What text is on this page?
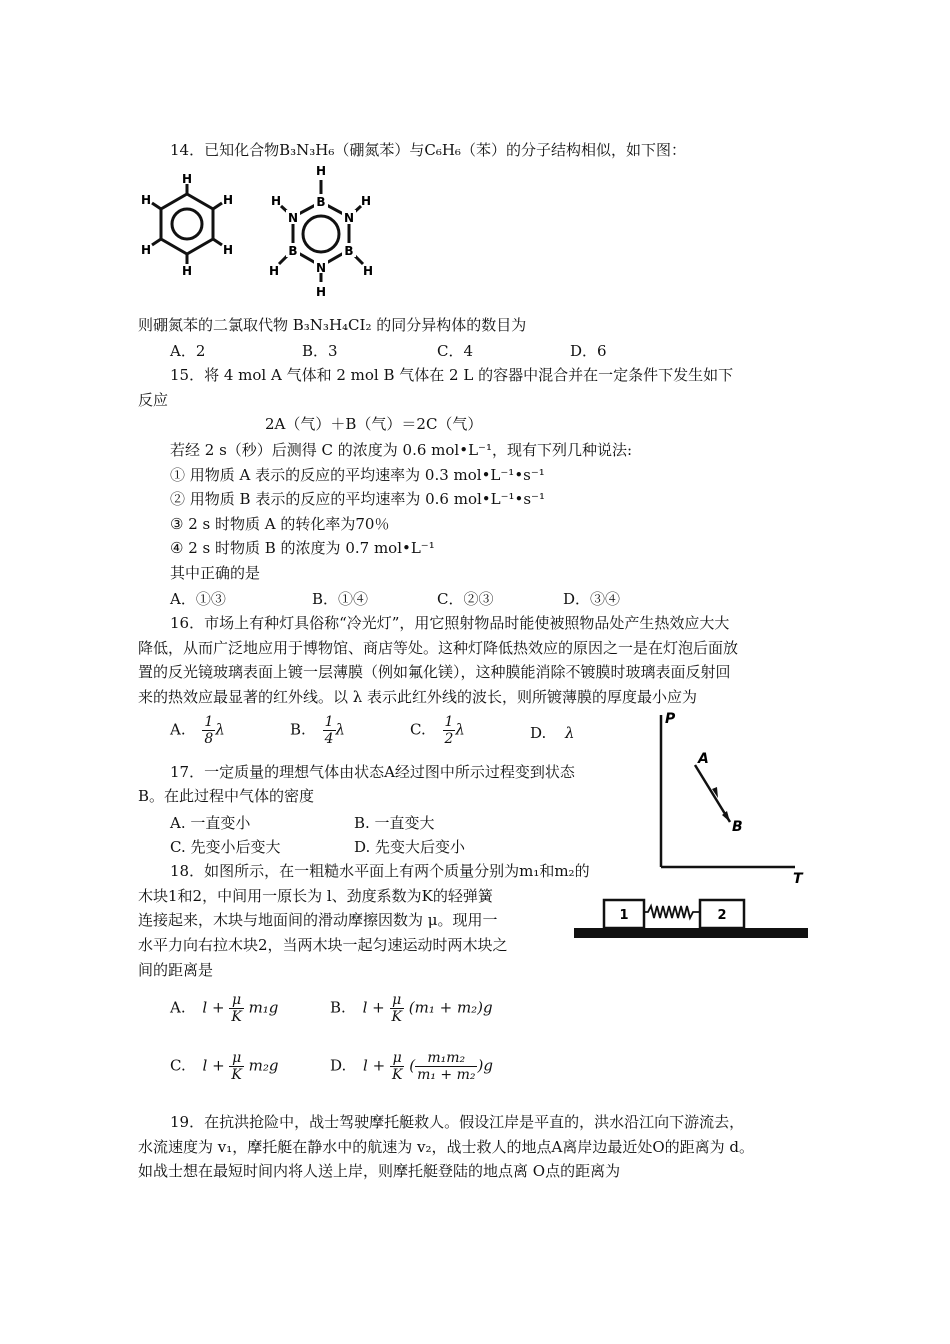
14．已知化合物B₃N₃H₆（硼氮苯）与C₆H₆（苯）的分子结构相似，如下图：
H
H
H
H
H
H
H
B
N
B
N
B
N
H
H
H
H
H
则硼氮苯的二氯取代物 B₃N₃H₄CI₂ 的同分异构体的数目为
A．2	B．3	C．4	D．6
15．将 4 mol A 气体和 2 mol B 气体在 2 L 的容器中混合并在一定条件下发生如下
反应
2A（气）＋B（气）＝2C（气）
若经 2 s（秒）后测得 C 的浓度为 0.6 mol•L⁻¹，现有下列几种说法:
① 用物质 A 表示的反应的平均速率为 0.3 mol•L⁻¹•s⁻¹
② 用物质 B 表示的反应的平均速率为 0.6 mol•L⁻¹•s⁻¹
③ 2 s 时物质 A 的转化率为70％
④ 2 s 时物质 B 的浓度为 0.7 mol•L⁻¹
其中正确的是
A．①③	B．①④	C．②③	D．③④
16．市场上有种灯具俗称“冷光灯”，用它照射物品时能使被照物品处产生热效应大大
降低，从而广泛地应用于博物馆、商店等处。这种灯降低热效应的原因之一是在灯泡后面放
置的反光镜玻璃表面上镀一层薄膜（例如氟化镁），这种膜能消除不镀膜时玻璃表面反射回
来的热效应最显著的红外线。以 λ 表示此红外线的波长，则所镀薄膜的厚度最小应为
A. $\frac{1}{8}$ λ	B. $\frac{1}{4}$ λ	C. $\frac{1}{2}$ λ	D. λ
P
T
A
B
17．一定质量的理想气体由状态A经过图中所示过程变到状态
B。在此过程中气体的密度
A. 一直变小	B. 一直变大
C. 先变小后变大	D. 先变大后变小
18．如图所示，在一粗糙水平面上有两个质量分别为m₁和m₂的
木块1和2，中间用一原长为 l、劲度系数为K的轻弹簧
连接起来，木块与地面间的滑动摩擦因数为 μ。现用一
水平力向右拉木块2，当两木块一起匀速运动时两木块之
间的距离是
1	2
A. $l + \frac{\mu}{K} m_1g$	B. $l + \frac{\mu}{K} (m_1 + m_2)g$
C. $l + \frac{\mu}{K} m_2g$	D. $l + \frac{\mu}{K}$ ( $\frac{\text{m₁m₂}}{\text{m₁ + m₂}} )g$
19．在抗洪抢险中，战士驾驶摩托艇救人。假设江岸是平直的，洪水沿江向下游流去，
水流速度为 v₁，摩托艇在静水中的航速为 v₂，战士救人的地点A离岸边最近处O的距离为 d。
如战士想在最短时间内将人送上岸，则摩托艇登陆的地点离 O点的距离为
